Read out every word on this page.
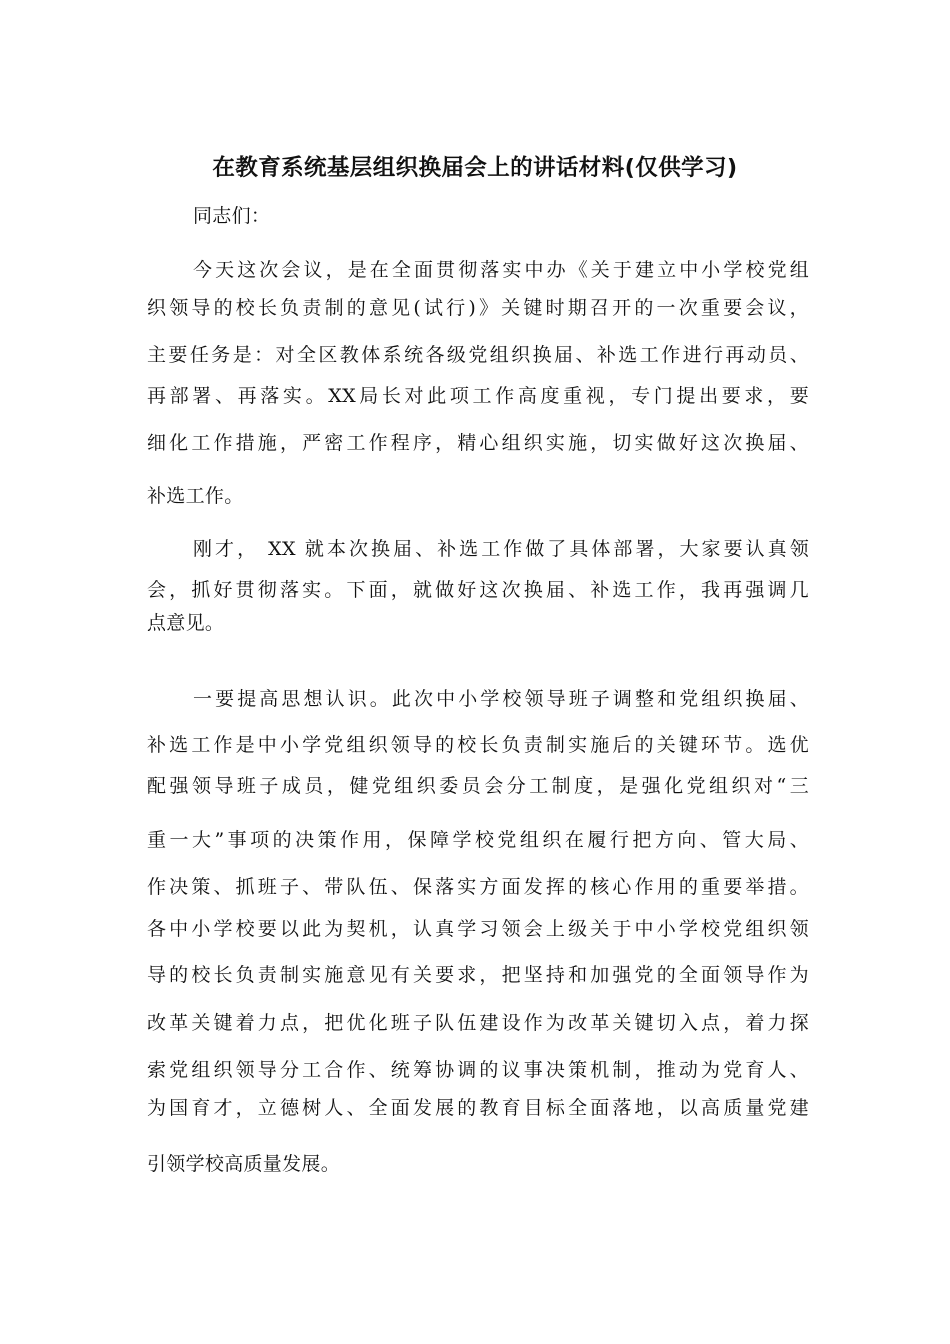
在教育系统基层组织换届会上的讲话材料(仅供学习)
同志们：
今天这次会议，是在全面贯彻落实中办《关于建立中小学校党组
织领导的校长负责制的意见(试行)》关键时期召开的一次重要会议，
主要任务是：对全区教体系统各级党组织换届、补选工作进行再动员、
再部署、再落实。XX局长对此项工作高度重视，专门提出要求，要
细化工作措施，严密工作程序，精心组织实施，切实做好这次换届、
补选工作。
刚才， XX 就本次换届、补选工作做了具体部署，大家要认真领
会，抓好贯彻落实。下面，就做好这次换届、补选工作，我再强调几
点意见。
一要提高思想认识。此次中小学校领导班子调整和党组织换届、
补选工作是中小学党组织领导的校长负责制实施后的关键环节。选优
配强领导班子成员，健党组织委员会分工制度，是强化党组织对“三
重一大”事项的决策作用，保障学校党组织在履行把方向、管大局、
作决策、抓班子、带队伍、保落实方面发挥的核心作用的重要举措。
各中小学校要以此为契机，认真学习领会上级关于中小学校党组织领
导的校长负责制实施意见有关要求，把坚持和加强党的全面领导作为
改革关键着力点，把优化班子队伍建设作为改革关键切入点，着力探
索党组织领导分工合作、统筹协调的议事决策机制，推动为党育人、
为国育才，立德树人、全面发展的教育目标全面落地，以高质量党建
引领学校高质量发展。
